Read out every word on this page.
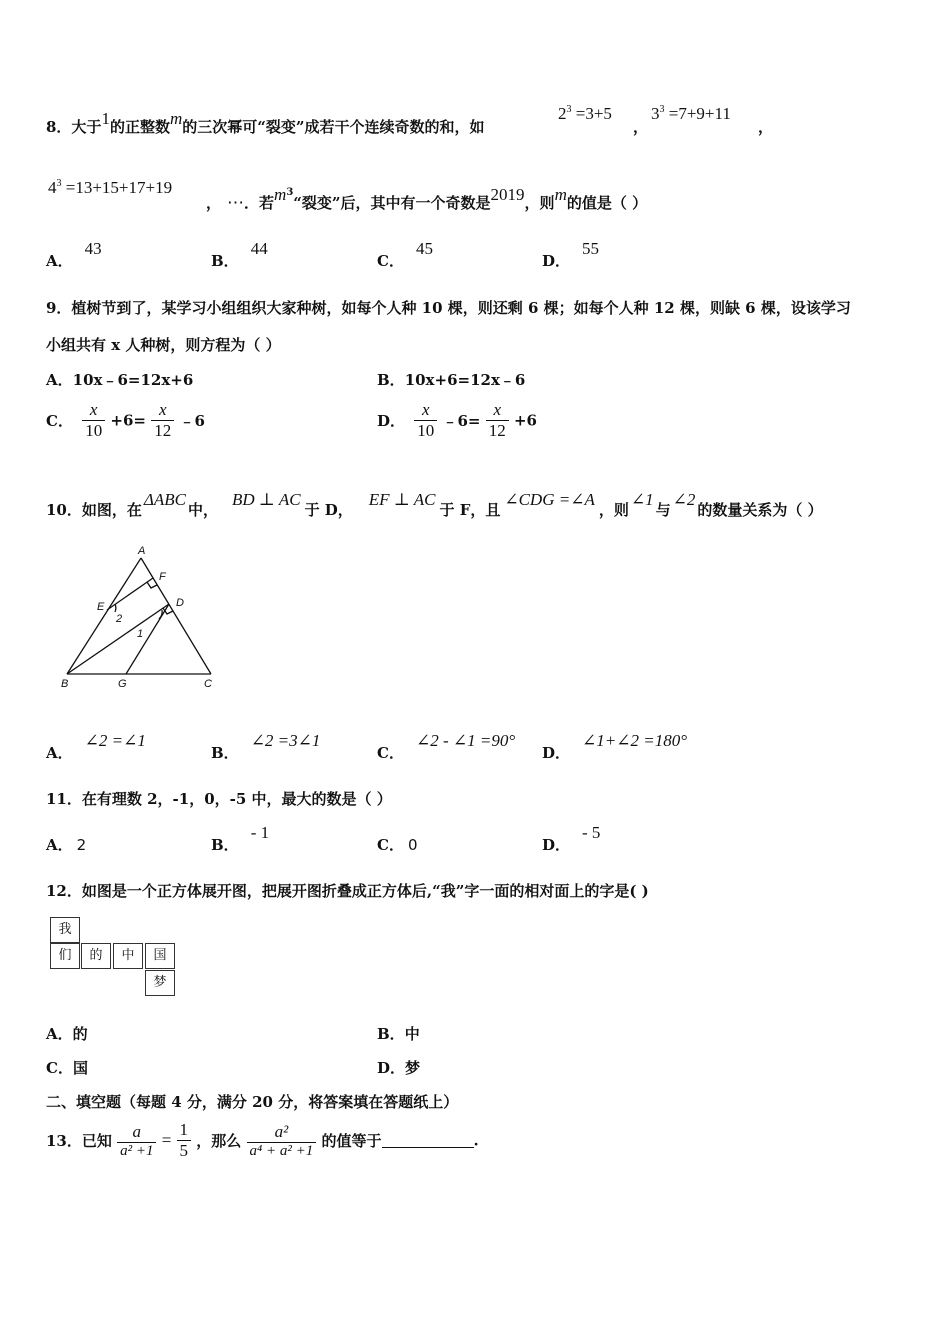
8．大于1的正整数m的三次幂可“裂变”成若干个连续奇数的和，如
$2^3 =3+5$
，
$3^3 =7+9+11$
，
$4^3 =13+15+17+19$
， ⋯．若$m^3“$裂变”后，其中有一个奇数是2019，则m的值是（ ）
A．43
B．44
C．45
D．55
9．植树节到了，某学习小组组织大家种树，如每个人种 10 棵，则还剩 6 棵；如每个人种 12 棵，则缺 6 棵，设该学习
小组共有 x 人种树，则方程为（ ）
A．10x﹣6=12x+6	B．10x+6=12x﹣6
C． $\frac{x}{10} +6= \frac{x}{12}$ ﹣6	D． $\frac{x}{10}$ ﹣6= $\frac{x}{12} +6$
10．如图，在ΔABC中，BD ⊥ AC于 D，EF ⊥ AC于 F，且∠CDG =∠A，则∠1与∠2的数量关系为（ ）
A
F
E	D
2
1
B	G	C
A．∠2 =∠1
B．∠2 =3∠1
C．∠2 - ∠1 =90°
D．∠1+∠2 =180°
11．在有理数 2，-1，0，-5 中，最大的数是（ ）
A． 2	B．- 1
C． 0	D．- 5
12．如图是一个正方体展开图，把展开图折叠成正方体后,“我”字一面的相对面上的字是( )
我
们	的	中	国
梦
A．的	B．中
C．国	D．梦
二、填空题（每题 4 分，满分 20 分，将答案填在答题纸上）
13．已知 $\frac{a}{\text{a² +1}} = \frac{1}{5}$ ，那么 $\frac{\text{a²}}{\text{a⁴ + a² +1}}$ 的值等于	.
